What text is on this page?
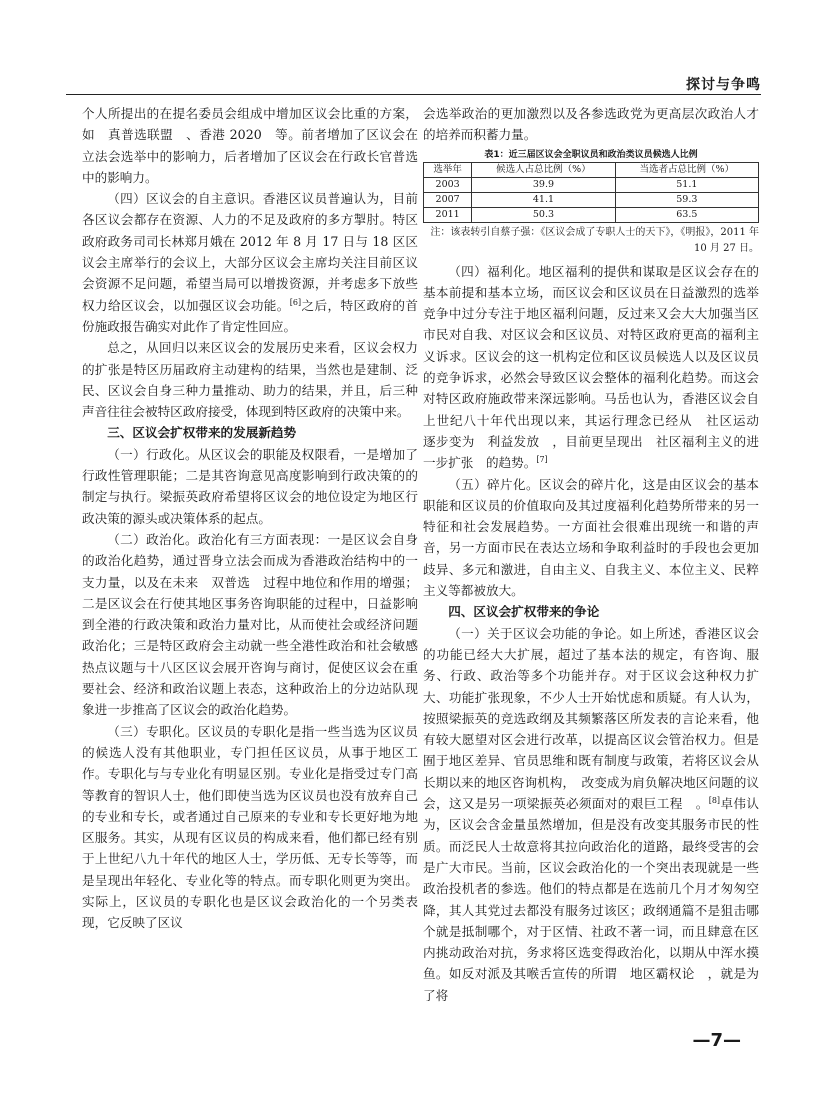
探讨与争鸣

个人所提出的在提名委员会组成中增加区议会比重的方案，如　真普选联盟　、香港 2020　等。前者增加了区议会在立法会选举中的影响力，后者增加了区议会在行政长官普选中的影响力。

（四）区议会的自主意识。香港区议员普遍认为，目前各区议会都存在资源、人力的不足及政府的多方掣肘。特区政府政务司司长林郑月娥在 2012 年 8 月 17 日与 18 区区议会主席举行的会议上，大部分区议会主席均关注目前区议会资源不足问题，希望当局可以增拨资源，并考虑多下放些权力给区议会，以加强区议会功能。[6]之后，特区政府的首份施政报告确实对此作了肯定性回应。

总之，从回归以来区议会的发展历史来看，区议会权力的扩张是特区历届政府主动建构的结果，当然也是建制、泛民、区议会自身三种力量推动、助力的结果，并且，后三种声音往往会被特区政府接受，体现到特区政府的决策中来。

三、区议会扩权带来的发展新趋势

（一）行政化。从区议会的职能及权限看，一是增加了行政性管理职能；二是其咨询意见高度影响到行政决策的的制定与执行。梁振英政府希望将区议会的地位设定为地区行政决策的源头或决策体系的起点。

（二）政治化。政治化有三方面表现：一是区议会自身的政治化趋势，通过晋身立法会而成为香港政治结构中的一支力量，以及在未来　双普选　过程中地位和作用的增强；二是区议会在行使其地区事务咨询职能的过程中，日益影响到全港的行政决策和政治力量对比，从而使社会或经济问题政治化；三是特区政府会主动就一些全港性政治和社会敏感热点议题与十八区区议会展开咨询与商讨，促使区议会在重要社会、经济和政治议题上表态，这种政治上的分边站队现象进一步推高了区议会的政治化趋势。

（三）专职化。区议员的专职化是指一些当选为区议员的候选人没有其他职业，专门担任区议员，从事于地区工作。专职化与与专业化有明显区别。专业化是指受过专门高等教育的智识人士，他们即使当选为区议员也没有放弃自己的专业和专长，或者通过自己原来的专业和专长更好地为地区服务。其实，从现有区议员的构成来看，他们都已经有别于上世纪八九十年代的地区人士，学历低、无专长等等，而是呈现出年轻化、专业化等的特点。而专职化则更为突出。实际上，区议员的专职化也是区议会政治化的一个另类表现，它反映了区议

会选举政治的更加激烈以及各参选政党为更高层次政治人才的培养而积蓄力量。

表1：近三届区议会全职议员和政治类议员候选人比例
选举年	候选人占总比例（%）	当选者占总比例（%）
2003	39.9	51.1
2007	41.1	59.3
2011	50.3	63.5
注：该表转引自蔡子强：《区议会成了专职人士的天下》，《明报》，2011 年 10 月 27 日。

（四）福利化。地区福利的提供和谋取是区议会存在的基本前提和基本立场，而区议会和区议员在日益激烈的选举竞争中过分专注于地区福利问题，反过来又会大大加强当区市民对自我、对区议会和区议员、对特区政府更高的福利主义诉求。区议会的这一机构定位和区议员候选人以及区议员的竞争诉求，必然会导致区议会整体的福利化趋势。而这会对特区政府施政带来深远影响。马岳也认为，香港区议会自上世纪八十年代出现以来，其运行理念已经从　社区运动　逐步变为　利益发放　，目前更呈现出　社区福利主义的进一步扩张　的趋势。[7]

（五）碎片化。区议会的碎片化，这是由区议会的基本职能和区议员的价值取向及其过度福利化趋势所带来的另一特征和社会发展趋势。一方面社会很难出现统一和谐的声音，另一方面市民在表达立场和争取利益时的手段也会更加歧异、多元和激进，自由主义、自我主义、本位主义、民粹主义等都被放大。

四、区议会扩权带来的争论

（一）关于区议会功能的争论。如上所述，香港区议会的功能已经大大扩展，超过了基本法的规定，有咨询、服务、行政、政治等多个功能并存。对于区议会这种权力扩大、功能扩张现象，不少人士开始忧虑和质疑。有人认为，按照梁振英的竞选政纲及其频繁落区所发表的言论来看，他有较大愿望对区会进行改革，以提高区议会管治权力。但是囿于地区差异、官员思维和既有制度与政策，若将区议会从长期以来的地区咨询机构，　改变成为肩负解决地区问题的议会，这又是另一项梁振英必须面对的艰巨工程　。[8]卓伟认为，区议会含金量虽然增加，但是没有改变其服务市民的性质。而泛民人士故意将其拉向政治化的道路，最终受害的会是广大市民。当前，区议会政治化的一个突出表现就是一些政治投机者的参选。他们的特点都是在选前几个月才匆匆空降，其人其党过去都没有服务过该区；政纲通篇不是狙击哪个就是抵制哪个，对于区情、社政不著一词，而且肆意在区内挑动政治对抗，务求将区选变得政治化，以期从中浑水摸鱼。如反对派及其喉舌宣传的所谓　地区霸权论　，就是为了将

—7—
